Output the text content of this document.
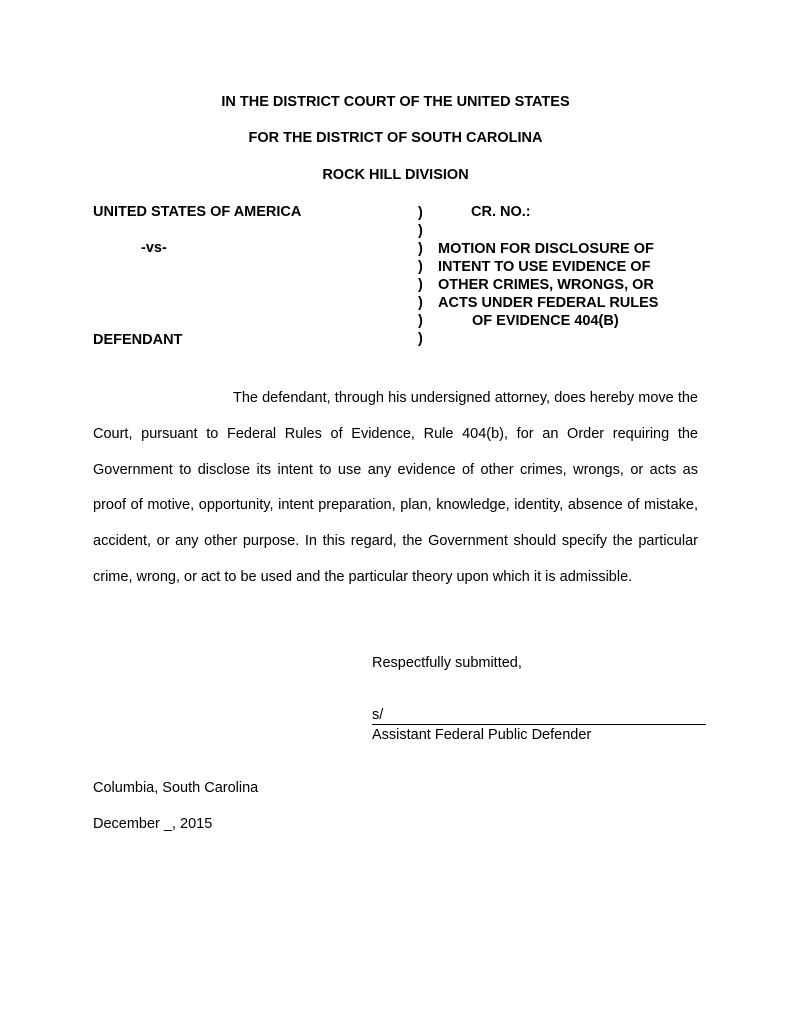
IN THE DISTRICT COURT OF THE UNITED STATES
FOR THE DISTRICT OF SOUTH CAROLINA
ROCK HILL DIVISION
UNITED STATES OF AMERICA
-vs-
DEFENDANT
CR. NO.:
)
)
)
)
)
)
)
)
MOTION FOR DISCLOSURE OF
INTENT TO USE EVIDENCE OF
OTHER CRIMES, WRONGS, OR
ACTS UNDER FEDERAL RULES
OF EVIDENCE 404(B)
The defendant, through his undersigned attorney, does hereby move the Court, pursuant to Federal Rules of Evidence, Rule 404(b), for an Order requiring the Government to disclose its intent to use any evidence of other crimes, wrongs, or acts as proof of motive, opportunity, intent preparation, plan, knowledge, identity, absence of mistake, accident, or any other purpose. In this regard, the Government should specify the particular crime, wrong, or act to be used and the particular theory upon which it is admissible.
Respectfully submitted,
s/
Assistant Federal Public Defender
Columbia, South Carolina
December _, 2015
